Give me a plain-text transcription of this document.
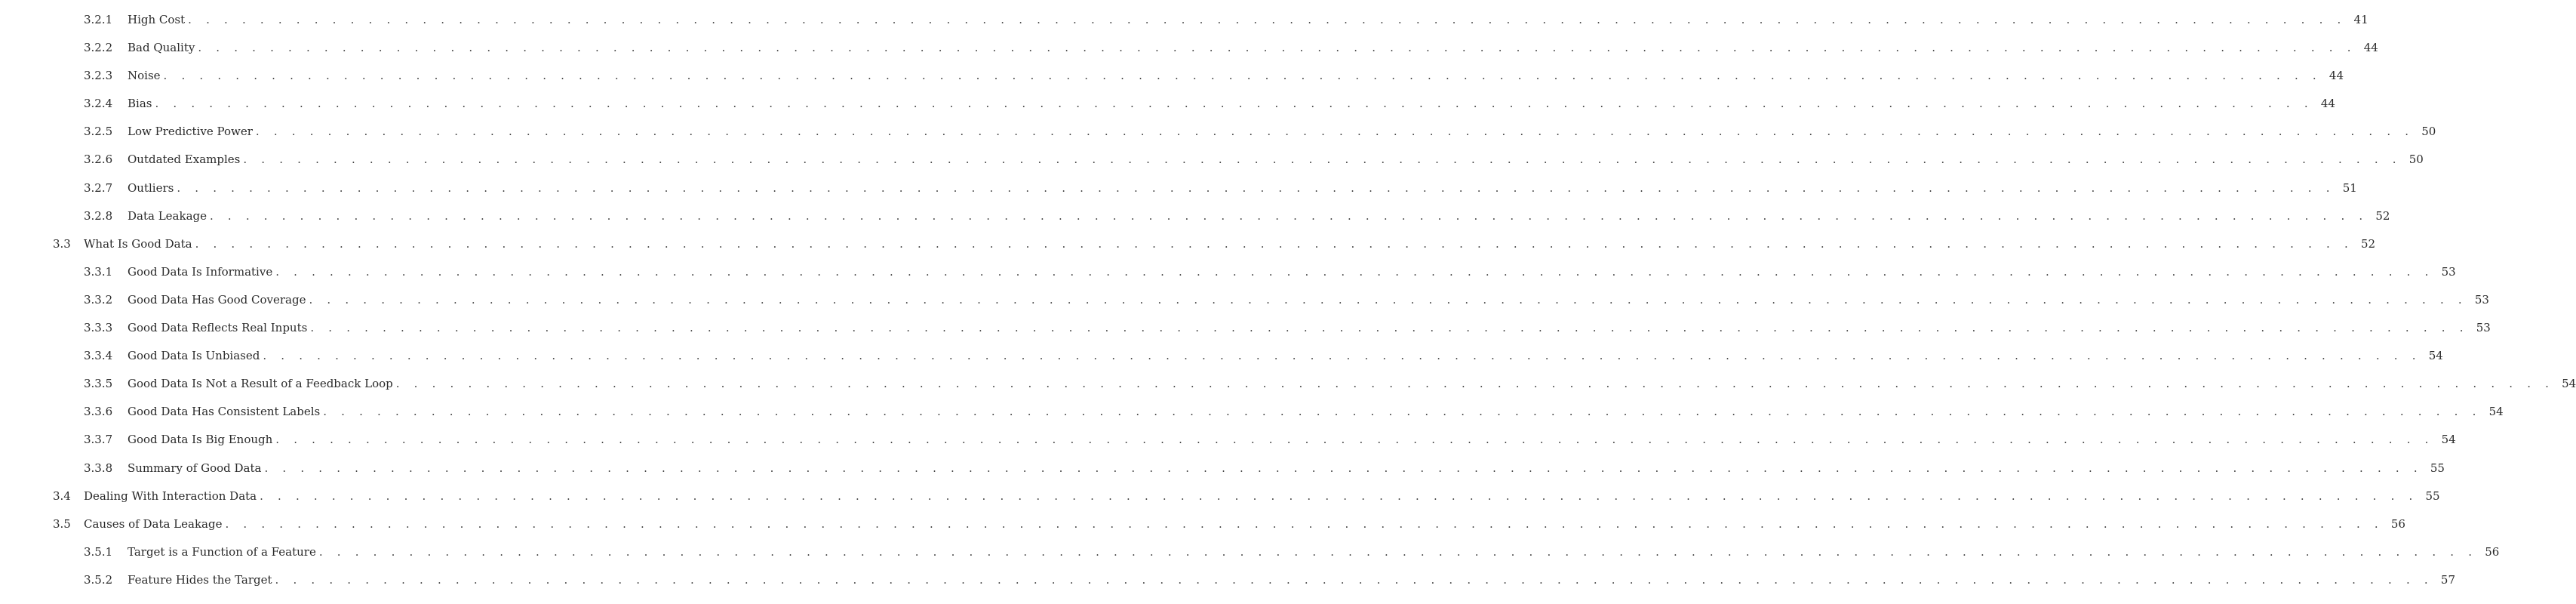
3.2.1 High Cost . . . . . . . . . . . . . . . . . . . . . . . . . . . . . . . . . . . . . . . . . . . . . . . . . . . . . . . . . . . . . . . . . . . . . . . . . . . . . . . . . . . . . . . . . . . . . . . . . . . . . . . . . . . . . . . . . . . . . . . . 41
3.2.2 Bad Quality . . . . . . . . . . . . . . . . . . . . . . . . . . . . . . . . . . . . . . . . . . . . . . . . . . . . . . . . . . . . . . . . . . . . . . . . . . . . . . . . . . . . . . . . . . . . . . . . . . . . . . . . . . . . . . . . . . . . . . . . 44
3.2.3 Noise . . . . . . . . . . . . . . . . . . . . . . . . . . . . . . . . . . . . . . . . . . . . . . . . . . . . . . . . . . . . . . . . . . . . . . . . . . . . . . . . . . . . . . . . . . . . . . . . . . . . . . . . . . . . . . . . . . . . . . . . 44
3.2.4 Bias . . . . . . . . . . . . . . . . . . . . . . . . . . . . . . . . . . . . . . . . . . . . . . . . . . . . . . . . . . . . . . . . . . . . . . . . . . . . . . . . . . . . . . . . . . . . . . . . . . . . . . . . . . . . . . . . . . . . . . . . 44
3.2.5 Low Predictive Power . . . . . . . . . . . . . . . . . . . . . . . . . . . . . . . . . . . . . . . . . . . . . . . . . . . . . . . . . . . . . . . . . . . . . . . . . . . . . . . . . . . . . . . . . . . . . . . . . . . . . . . . . . . . . . . . . . . . . . . . 50
3.2.6 Outdated Examples . . . . . . . . . . . . . . . . . . . . . . . . . . . . . . . . . . . . . . . . . . . . . . . . . . . . . . . . . . . . . . . . . . . . . . . . . . . . . . . . . . . . . . . . . . . . . . . . . . . . . . . . . . . . . . . . . . . . . . . . 50
3.2.7 Outliers . . . . . . . . . . . . . . . . . . . . . . . . . . . . . . . . . . . . . . . . . . . . . . . . . . . . . . . . . . . . . . . . . . . . . . . . . . . . . . . . . . . . . . . . . . . . . . . . . . . . . . . . . . . . . . . . . . . . . . . . 51
3.2.8 Data Leakage . . . . . . . . . . . . . . . . . . . . . . . . . . . . . . . . . . . . . . . . . . . . . . . . . . . . . . . . . . . . . . . . . . . . . . . . . . . . . . . . . . . . . . . . . . . . . . . . . . . . . . . . . . . . . . . . . . . . . . . . 52
3.3 What Is Good Data . . . . . . . . . . . . . . . . . . . . . . . . . . . . . . . . . . . . . . . . . . . . . . . . . . . . . . . . . . . . . . . . . . . . . . . . . . . . . . . . . . . . . . . . . . . . . . . . . . . . . . . . . . . . . . . . . . . . . . . . 52
3.3.1 Good Data Is Informative . . . . . . . . . . . . . . . . . . . . . . . . . . . . . . . . . . . . . . . . . . . . . . . . . . . . . . . . . . . . . . . . . . . . . . . . . . . . . . . . . . . . . . . . . . . . . . . . . . . . . . . . . . . . . . . . . . . . . . . . 53
3.3.2 Good Data Has Good Coverage . . . . . . . . . . . . . . . . . . . . . . . . . . . . . . . . . . . . . . . . . . . . . . . . . . . . . . . . . . . . . . . . . . . . . . . . . . . . . . . . . . . . . . . . . . . . . . . . . . . . . . . . . . . . . . . . . . . . . . . . 53
3.3.3 Good Data Reflects Real Inputs . . . . . . . . . . . . . . . . . . . . . . . . . . . . . . . . . . . . . . . . . . . . . . . . . . . . . . . . . . . . . . . . . . . . . . . . . . . . . . . . . . . . . . . . . . . . . . . . . . . . . . . . . . . . . . . . . . . . . . . . 53
3.3.4 Good Data Is Unbiased . . . . . . . . . . . . . . . . . . . . . . . . . . . . . . . . . . . . . . . . . . . . . . . . . . . . . . . . . . . . . . . . . . . . . . . . . . . . . . . . . . . . . . . . . . . . . . . . . . . . . . . . . . . . . . . . . . . . . . . . 54
3.3.5 Good Data Is Not a Result of a Feedback Loop . . . . . . . . . . . . . . . . . . . . . . . . . . . . . . . . . . . . . . . . . . . . . . . . . . . . . . . . . . . . . . . . . . . . . . . . . . . . . . . . . . . . . . . . . . . . . . . . . . . . . . . . . . . . . . . . . . . . . . . . 54
3.3.6 Good Data Has Consistent Labels . . . . . . . . . . . . . . . . . . . . . . . . . . . . . . . . . . . . . . . . . . . . . . . . . . . . . . . . . . . . . . . . . . . . . . . . . . . . . . . . . . . . . . . . . . . . . . . . . . . . . . . . . . . . . . . . . . . . . . . . 54
3.3.7 Good Data Is Big Enough . . . . . . . . . . . . . . . . . . . . . . . . . . . . . . . . . . . . . . . . . . . . . . . . . . . . . . . . . . . . . . . . . . . . . . . . . . . . . . . . . . . . . . . . . . . . . . . . . . . . . . . . . . . . . . . . . . . . . . . . 54
3.3.8 Summary of Good Data . . . . . . . . . . . . . . . . . . . . . . . . . . . . . . . . . . . . . . . . . . . . . . . . . . . . . . . . . . . . . . . . . . . . . . . . . . . . . . . . . . . . . . . . . . . . . . . . . . . . . . . . . . . . . . . . . . . . . . . . 55
3.4 Dealing With Interaction Data . . . . . . . . . . . . . . . . . . . . . . . . . . . . . . . . . . . . . . . . . . . . . . . . . . . . . . . . . . . . . . . . . . . . . . . . . . . . . . . . . . . . . . . . . . . . . . . . . . . . . . . . . . . . . . . . . . . . . . . . 55
3.5 Causes of Data Leakage . . . . . . . . . . . . . . . . . . . . . . . . . . . . . . . . . . . . . . . . . . . . . . . . . . . . . . . . . . . . . . . . . . . . . . . . . . . . . . . . . . . . . . . . . . . . . . . . . . . . . . . . . . . . . . . . . . . . . . . . 56
3.5.1 Target is a Function of a Feature . . . . . . . . . . . . . . . . . . . . . . . . . . . . . . . . . . . . . . . . . . . . . . . . . . . . . . . . . . . . . . . . . . . . . . . . . . . . . . . . . . . . . . . . . . . . . . . . . . . . . . . . . . . . . . . . . . . . . . . . 56
3.5.2 Feature Hides the Target . . . . . . . . . . . . . . . . . . . . . . . . . . . . . . . . . . . . . . . . . . . . . . . . . . . . . . . . . . . . . . . . . . . . . . . . . . . . . . . . . . . . . . . . . . . . . . . . . . . . . . . . . . . . . . . . . . . . . . . . 57
